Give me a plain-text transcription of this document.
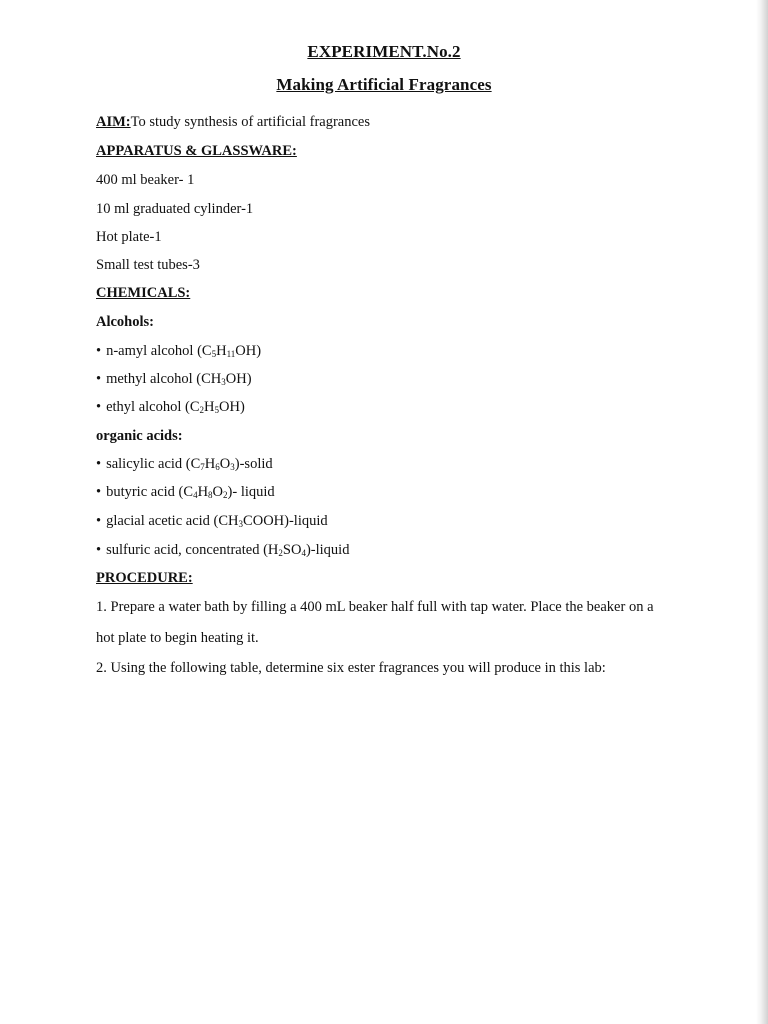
EXPERIMENT.No.2
Making Artificial Fragrances
AIM:To study synthesis of artificial fragrances
APPARATUS & GLASSWARE:
400 ml beaker- 1
10 ml graduated cylinder-1
Hot plate-1
Small test tubes-3
CHEMICALS:
Alcohols:
• n-amyl alcohol $(C_5H_{11}OH)$
• methyl alcohol $(CH_3OH)$
• ethyl alcohol $(C_2H_5OH)$
organic acids:
• salicylic acid $(C_7H_6O_3)$-solid
• butyric acid $(C_4H_8O_2)-$ liquid
• glacial acetic acid $(CH_3COOH)$-liquid
• sulfuric acid, concentrated $(H_2SO_4)$-liquid
PROCEDURE:
1. Prepare a water bath by filling a 400 mL beaker half full with tap water. Place the beaker on a
hot plate to begin heating it.
2. Using the following table, determine six ester fragrances you will produce in this lab:
